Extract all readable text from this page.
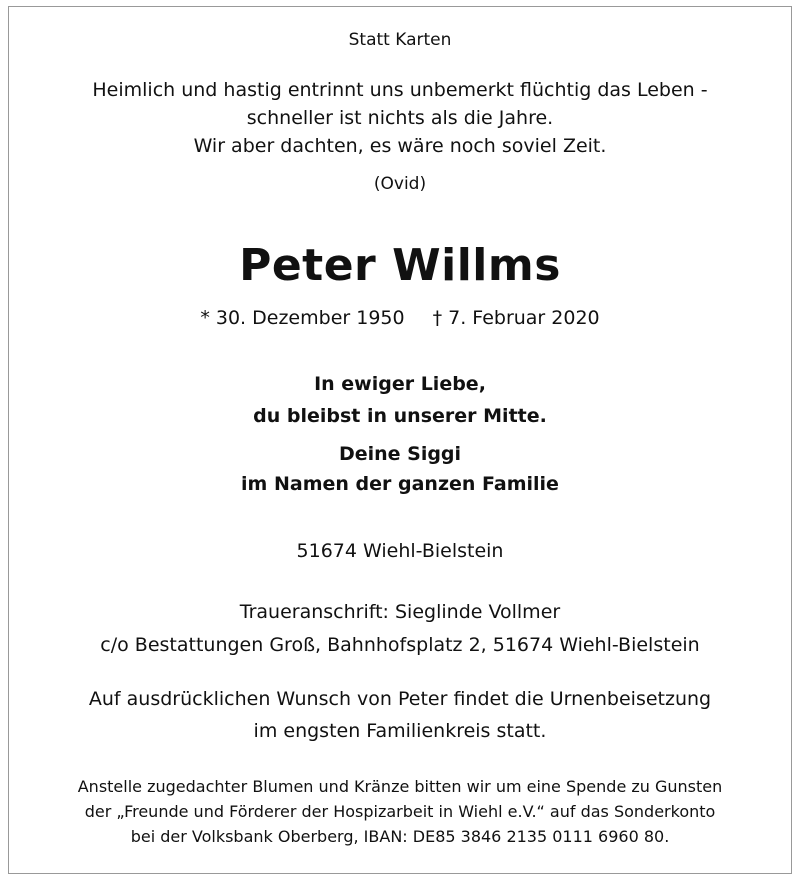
Statt Karten
Heimlich und hastig entrinnt uns unbemerkt flüchtig das Leben -
schneller ist nichts als die Jahre.
Wir aber dachten, es wäre noch soviel Zeit.
(Ovid)
Peter Willms
* 30. Dezember 1950 † 7. Februar 2020
In ewiger Liebe,
du bleibst in unserer Mitte.
Deine Siggi
im Namen der ganzen Familie
51674 Wiehl-Bielstein
Traueranschrift: Sieglinde Vollmer
c/o Bestattungen Groß, Bahnhofsplatz 2, 51674 Wiehl-Bielstein
Auf ausdrücklichen Wunsch von Peter findet die Urnenbeisetzung
im engsten Familienkreis statt.
Anstelle zugedachter Blumen und Kränze bitten wir um eine Spende zu Gunsten
der „Freunde und Förderer der Hospizarbeit in Wiehl e.V.“ auf das Sonderkonto
bei der Volksbank Oberberg, IBAN: DE85 3846 2135 0111 6960 80.
